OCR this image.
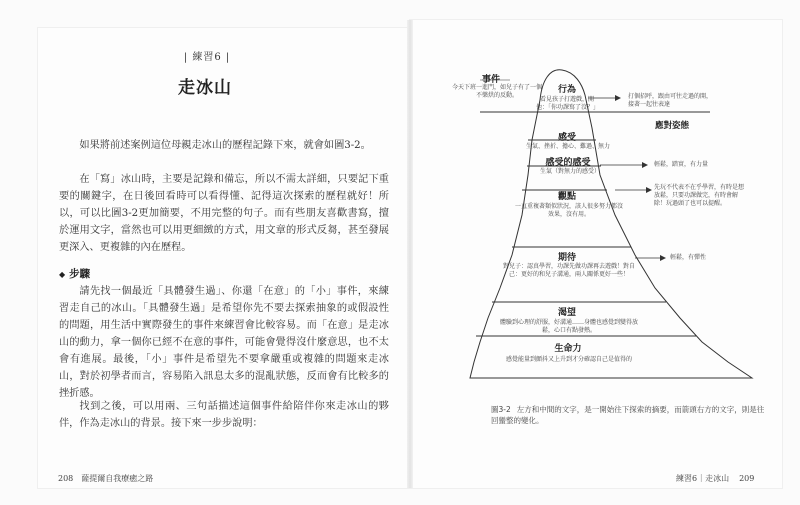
| 練習6 |
走冰山

如果將前述案例這位母親走冰山的歷程記錄下來，就會如圖3-2。

在「寫」冰山時，主要是記錄和備忘，所以不需太詳細，只要記下重要的關鍵字，在日後回看時可以看得懂、記得這次探索的歷程就好！所以，可以比圖3-2更加簡要，不用完整的句子。而有些朋友喜歡書寫，擅於運用文字，當然也可以用更細緻的方式，用文章的形式反芻，甚至發展更深入、更複雜的內在歷程。

◆ 步驟

請先找一個最近「具體發生過」、你還「在意」的「小」事件，來練習走自己的冰山。「具體發生過」是希望你先不要去探索抽象的或假設性的問題，用生活中實際發生的事件來練習會比較容易。而「在意」是走冰山的動力，拿一個你已經不在意的事件，可能會覺得沒什麼意思，也不太會有進展。最後，「小」事件是希望先不要拿嚴重或複雜的問題來走冰山，對於初學者而言，容易陷入訊息太多的混亂狀態，反而會有比較多的挫折感。

找到之後，可以用兩、三句話描述這個事件給陪伴你來走冰山的夥伴，作為走冰山的背景。接下來一步步說明：

208 薩提爾自我療癒之路
事件
今天下班一進門，如兒子有了一個不樂烘的反動。
行為
看見孩子打遊戲，開他：「你功課寫了沒？」
感受
生氣、挫折、擔心、難過、無力
感受的感受
生氣（對無力的感受）
觀點
一直重複著類似狀況，該人很多努力都沒效果，沒有用。
期待
對兒子：認真學習，功課先做功課再去遊戲！對自己：更好的和兒子溝通，兩人關係更好一些！
渴望
體驗到心理的舒服，好溝通……身體也感覺到變得放鬆，心口有點發熱。
生命力
感覺能量到顫抖又上升到才分確認自己是值得的
打個招呼，跟由可往走過的開，接著一起往表達
應對姿態
輕鬆，踏實，有力量
先玩不代表不在乎學習，有時是想放鬆，只要功課做完，有時會解除！玩過頭了也可以提醒。
輕鬆，有彈性
圖3-2 左方和中間的文字，是一開始往下探索的摘要，而箭頭右方的文字，則是往回蠻整的變化。
練習6｜走冰山 209
